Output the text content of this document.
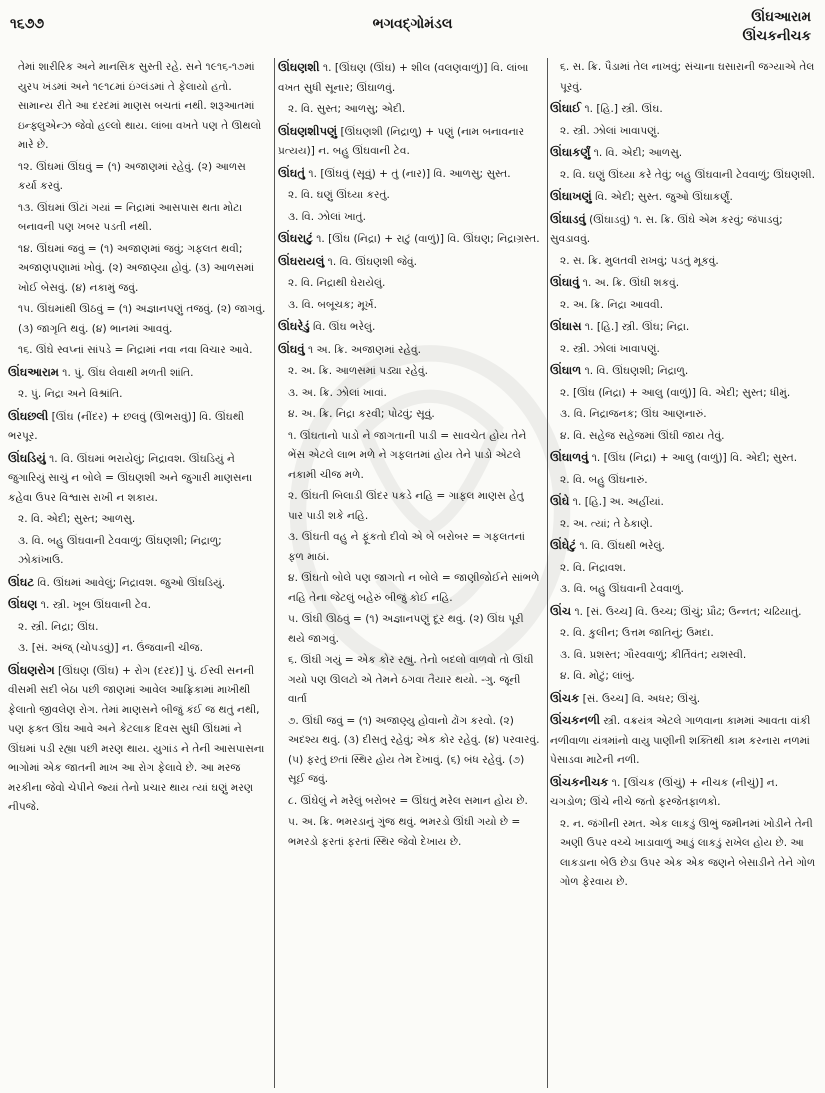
૧૬૭૭	ભગવદ્ગોમંડલ	ઊંઘઆરામ
ઊંચકનીચક
તેમાં શારીરિક અને માનસિક સુસ્તી રહે. સને ૧૯૧૬-૧૭માં યુરપ ખંડમાં અને ૧૯૧૮માં ઇંગ્લંડમાં તે ફેલાયો હતો. સામાન્ય રીતે આ દરદમાં માણસ બચતાં નથી. શરૂઆતમાં ઇન્ફ્લુએન્ઝ જેવો હલ્લો થાય. લાંબા વખતે પણ તે ઊથલો મારે છે.
૧૨. ઊંઘમાં ઊંઘવું = (૧) અજાણમાં રહેવું. (૨) આળસ કર્યા કરવું.
૧૩. ઊંઘમાં ઊંટાં ગયાં = નિદ્રામાં આસપાસ થતા મોટા બનાવની પણ ખબર પડતી નથી.
૧૪. ઊંઘમાં જવું = (૧) અજાણમાં જવું; ગફલત થવી; અજાણપણામાં ખોવું. (૨) અજાણ્યા હોવું. (૩) આળસમાં ખોઈ બેસવું. (૪) નકામું જવું.
૧૫. ઊંઘમાંથી ઊઠવું = (૧) અજ્ઞાનપણું તજવું. (૨) જાગવું. (૩) જાગૃતિ થવું. (૪) ભાનમાં આવવું.
૧૬. ઊંઘે સ્વપ્નાં સાંપડે = નિદ્રામાં નવા નવા વિચાર આવે.
ઊંઘઆરામ ૧. પું. ઊંઘ લેવાથી મળતી શાંતિ.
૨. પું. નિદ્રા અને વિશ્રાંતિ.
ઊંઘછલી [ઊંઘ (નીંદર) + છલવું (ઊભરાવું)] વિ. ઊંઘથી ભરપૂર.
ઊંઘડિયું ૧. વિ. ઊંઘમાં ભરાયેલું; નિદ્રાવશ. ઊંઘડિયું ને જુગારિયું સાચું ન બોલે = ઊંઘણશી અને જુગારી માણસના કહેવા ઉપર વિશ્વાસ રાખી ન શકાય.
૨. વિ. એદી; સુસ્ત; આળસુ.
૩. વિ. બહુ ઊંઘવાની ટેવવાળું; ઊંઘણશી; નિદ્રાળુ; ઝોકાંખાઉ.
ઊંઘટ વિ. ઊંઘમાં આવેલું; નિદ્રાવશ. જુઓ ઊંઘડિયું.
ઊંઘણ ૧. સ્ત્રી. ખૂબ ઊંઘવાની ટેવ.
૨. સ્ત્રી. નિદ્રા; ઊંઘ.
૩. [સં. અંજ્ (ચોપડવું)] ન. ઉંજવાની ચીજ.
ઊંઘણરોગ [ઊંઘણ (ઊંઘ) + રોગ (દરદ)] પું. ઈસ્વી સનની વીસમી સદી બેઠા પછી જાણમાં આવેલ આફ્રિકામાં માખીથી ફેલાતો જીવલેણ રોગ. તેમાં માણસને બીજું કંઈ જ થતું નથી, પણ ફક્ત ઊંઘ આવે અને કેટલાક દિવસ સુધી ઊંઘમાં ને ઊંઘમાં પડી રહ્યા પછી મરણ થાય. યુગાંડ ને તેની આસપાસના ભાગોમાં એક જાતની માખ આ રોગ ફેલાવે છે. આ મરજ મરકીના જેવો ચેપીને જ્યાં તેનો પ્રચાર થાય ત્યાં ઘણું મરણ નીપજે.
ઊંઘણશી ૧. [ઊંઘણ (ઊંઘ) + શીલ (વલણવાળું)] વિ. લાંબા વખત સુધી સૂનાર; ઊંઘાળવું.
૨. વિ. સુસ્ત; આળસુ; એદી.
ઊંઘણશીપણું [ઊંઘણશી (નિદ્રાળુ) + પણું (નામ બનાવનાર પ્રત્યય)] ન. બહુ ઊંઘવાની ટેવ.
ઊંઘતું ૧. [ઊંઘવું (સૂવું) + તું (નાર)] વિ. આળસુ; સુસ્ત.
૨. વિ. ઘણું ઊંઘ્યા કરતું.
૩. વિ. ઝોલાં ખાતું.
ઊંઘરાટું ૧. [ઊંઘ (નિદ્રા) + રાટું (વાળું)] વિ. ઊંઘણ; નિદ્રાગ્રસ્ત.
ઊંઘરાયલું ૧. વિ. ઊંઘણશી જેવું.
૨. વિ. નિદ્રાથી ઘેરાયેલું.
૩. વિ. બબૂચક; મૂર્ખ.
ઊંઘરેડું વિ. ઊંઘ ભરેલું.
ઊંઘવું ૧ અ. ક્રિ. અજાણમાં રહેવું.
૨. અ. ક્રિ. આળસમાં પડ્યા રહેવું.
૩. અ. ક્રિ. ઝોલાં ખાવાં.
૪. અ. ક્રિ. નિદ્રા કરવી; પોઢવું; સૂવું.
૧. ઊંઘતાનો પાડો ને જાગતાની પાડી = સાવચેત હોય તેને ભેંસ એટલે લાભ મળે ને ગફલતમાં હોય તેને પાડો એટલે નકામી ચીજ મળે.
૨. ઊંઘતી બિલાડી ઊંદર પકડે નહિ = ગાફલ માણસ હેતુ પાર પાડી શકે નહિ.
૩. ઊંઘતી વહુ ને ફૂંકતો દીવો એ બે બરોબર = ગફલતનાં ફળ માઠાં.
૪. ઊંઘતો બોલે પણ જાગતો ન બોલે = જાણીજોઈને સાંભળે નહિ તેના જેટલું બહેરું બીજું કોઈ નહિ.
૫. ઊંઘી ઊઠવું = (૧) અજ્ઞાનપણું દૂર થવું. (૨) ઊંઘ પૂરી થયે જાગવું.
૬. ઊંઘી ગયું = એક કોર રહ્યું. તેનો બદલો વાળવો તો ઊંઘી ગયો પણ ઊલટો એ તેમને ઠગવા તૈયાર થયો. -ગુ. જૂની વાર્તા
૭. ઊંઘી જવું = (૧) અજાણ્યુ હોવાનો ઢોંગ કરવો. (૨) અદશ્ય થવું. (૩) દીસતું રહેવું; એક કોર રહેવું. (૪) પરવારવું. (૫) ફરતું છતાં સ્થિર હોય તેમ દેખાવું. (૬) બંધ રહેવું. (૭) સૂઈ જવું.
૮. ઊંઘેલું ને મરેલું બરોબર = ઊંઘતું મરેલ સમાન હોય છે.
૫. અ. ક્રિ. ભમરડાનું ગુંજ થવું. ભમરડો ઊંઘી ગયો છે = ભમરડો ફરતાં ફરતાં સ્થિર જેવો દેખાય છે.
૬. સ. ક્રિ. પૈડામાં તેલ નાખવું; સંચાના ઘસારાની જગ્યાએ તેલ પૂરવું.
ઊંઘાઈ ૧. [હિ.] સ્ત્રી. ઊંઘ.
૨. સ્ત્રી. ઝોલાં ખાવાપણું.
ઊંઘાકર્ણું ૧. વિ. એદી; આળસુ.
૨. વિ. ઘણું ઊંઘ્યા કરે તેવું; બહુ ઊંઘવાની ટેવવાળું; ઊંઘણશી.
ઊંઘાખણું વિ. એદી; સુસ્ત. જુઓ ઊંઘાકર્ણું.
ઊંઘાડવું (ઊંઘાડવું) ૧. સ. ક્રિ. ઊંઘે એમ કરવું; જંપાડવું; સુવડાવવું.
૨. સ. ક્રિ. મુલતવી રાખવું; પડતું મૂકવું.
ઊંઘાવું ૧. અ. ક્રિ. ઊંઘી શકવું.
૨. અ. ક્રિ. નિદ્રા આવવી.
ઊંઘાસ ૧. [હિ.] સ્ત્રી. ઊંઘ; નિદ્રા.
૨. સ્ત્રી. ઝોલાં ખાવાપણું.
ઊંઘાળ ૧. વિ. ઊંઘણશી; નિદ્રાળુ.
૨. [ઊંઘ (નિદ્રા) + આલુ (વાળું)] વિ. એદી; સુસ્ત; ધીમું.
૩. વિ. નિદ્રાજનક; ઊંઘ આણનારું.
૪. વિ. સહેજ સહેજમાં ઊંઘી જાય તેવું.
ઊંઘાળવું ૧. [ઊંઘ (નિદ્રા) + આલુ (વાળું)] વિ. એદી; સુસ્ત.
૨. વિ. બહુ ઊંઘનારું.
ઊંઘે ૧. [હિ.] અ. અહીંયાં.
૨. અ. ત્યાં; તે ઠેકાણે.
ઊંઘેટું ૧. વિ. ઊંઘથી ભરેલું.
૨. વિ. નિદ્રાવશ.
૩. વિ. બહુ ઊંઘવાની ટેવવાળું.
ઊંચ ૧. [સં. ઉચ્ચ] વિ. ઉચ્ચ; ઊંચું; પ્રૌઢ; ઉન્નત; ચઢિયાતું.
૨. વિ. કુલીન; ઉત્તમ જાતિનું; ઉમદા.
૩. વિ. પ્રશસ્ત; ગૌરવવાળું; કીર્તિવંત; યશસ્વી.
૪. વિ. મોટું; લાંબું.
ઊંચક [સં. ઉચ્ચ] વિ. અધર; ઊંચું.
ઊંચકનળી સ્ત્રી. વક્રયંત્ર એટલે ગાળવાના કામમાં આવતા વાંકી નળીવાળા યંત્રમાંનો વાયુ પાણીની શક્તિથી કામ કરનારા નળમાં પેસાડવા માટેની નળી.
ઊંચકનીચક ૧. [ઊંચક (ઊંચું) + નીચક (નીચું)] ન. ચગડોળ; ઊંચે નીચે જતો ફરજેતફાળકો.
૨. ન. જંગીની રમત. એક લાકડું ઊભું જમીનમાં ખોડીને તેની અણી ઉપર વચ્ચે ખાડાવાળું આડું લાકડું રાખેલ હોય છે. આ લાકડાના બેઉ છેડા ઉપર એક એક જણને બેસાડીને તેને ગોળ ગોળ ફેરવાય છે.
